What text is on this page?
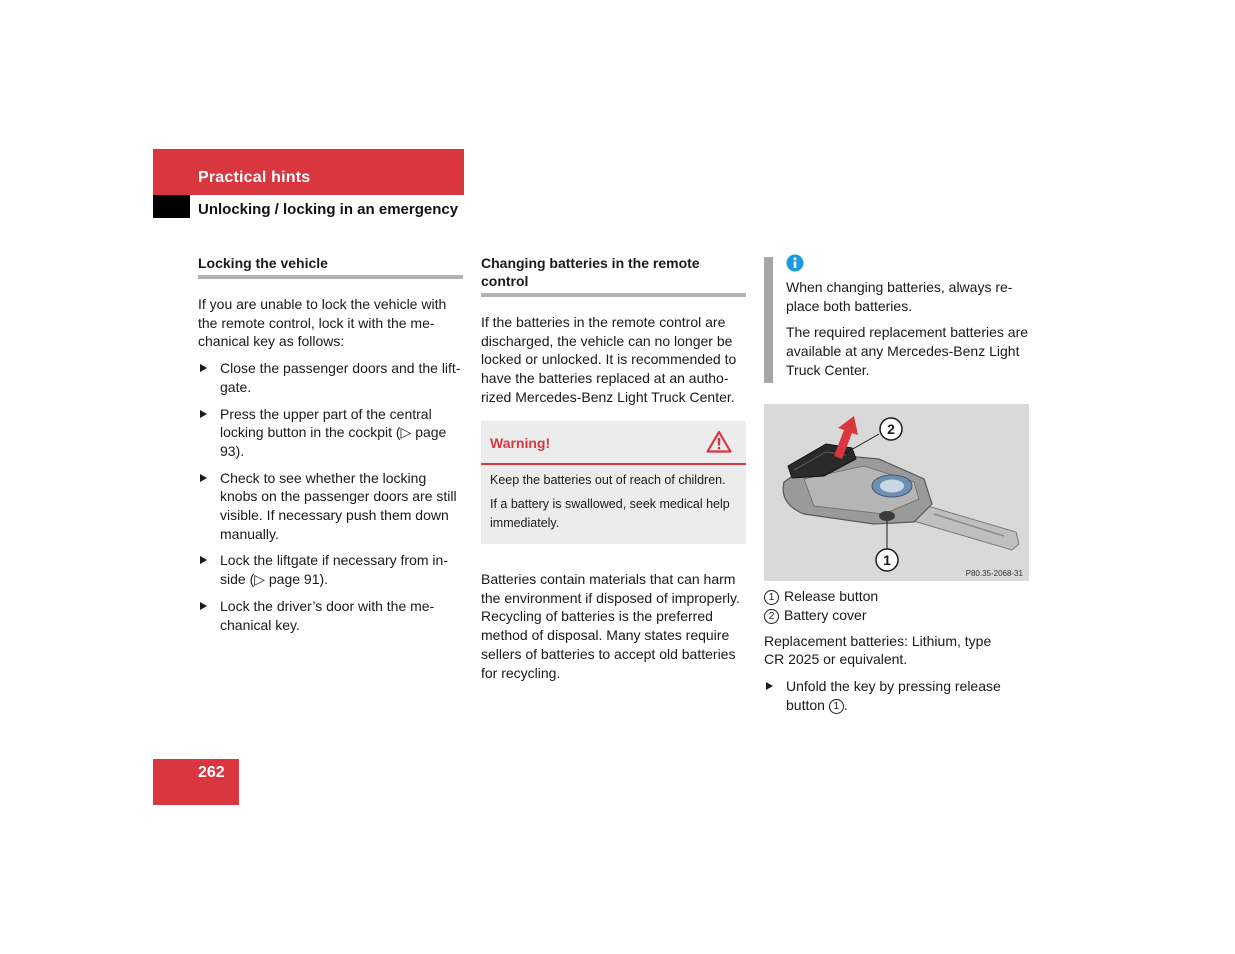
Practical hints
Unlocking / locking in an emergency
Locking the vehicle

If you are unable to lock the vehicle with the remote control, lock it with the me-chanical key as follows:

Close the passenger doors and the lift-gate.
Press the upper part of the central locking button in the cockpit (▷ page 93).
Check to see whether the locking knobs on the passenger doors are still visible. If necessary push them down manually.
Lock the liftgate if necessary from in-side (▷ page 91).
Lock the driver’s door with the me-chanical key.
Changing batteries in the remote control

If the batteries in the remote control are discharged, the vehicle can no longer be locked or unlocked. It is recommended to have the batteries replaced at an autho-rized Mercedes-Benz Light Truck Center.

Warning!

Keep the batteries out of reach of children.

If a battery is swallowed, seek medical help immediately.

Batteries contain materials that can harm the environment if disposed of improperly. Recycling of batteries is the preferred method of disposal. Many states require sellers of batteries to accept old batteries for recycling.

When changing batteries, always re-place both batteries.

The required replacement batteries are available at any Mercedes-Benz Light Truck Center.

2
1
P80.35-2068-31
1 Release button
2 Battery cover

Replacement batteries: Lithium, type CR 2025 or equivalent.

Unfold the key by pressing release button 1 .
262
